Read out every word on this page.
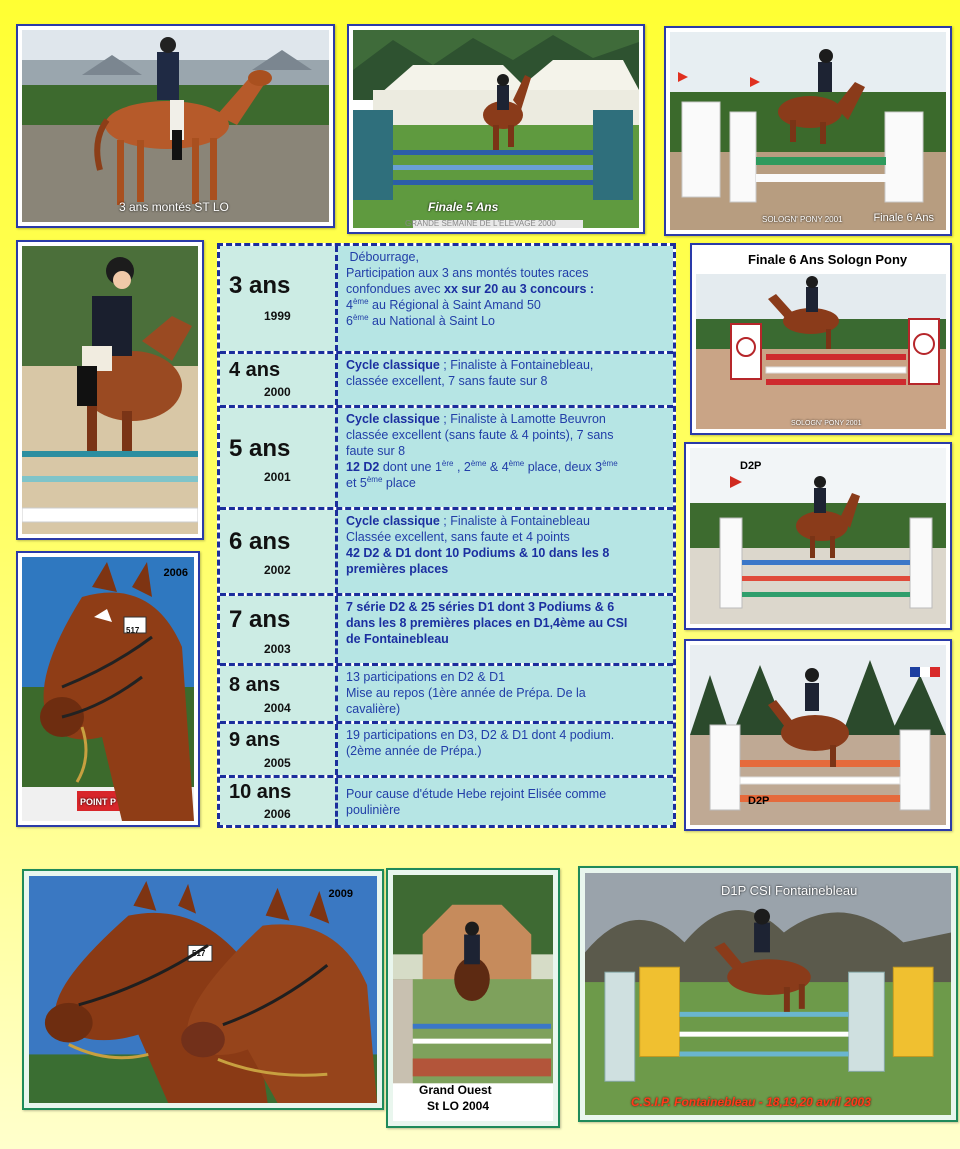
3 ans montés ST LO	Finale 5 Ans
GRANDE SEMAINE DE L'ELEVAGE 2000	SOLOGN' PONY 2001	Finale 6 Ans
Finale 6 Ans Sologn Pony
SOLOGN' PONY 2001
D2P
2006
517
POINT P	D2P
2009
517
Grand Ouest
St LO 2004
D1P CSI Fontainebleau
C.S.I.P. Fontainebleau - 18,19,20 avril 2003
3 ans
1999
Débourrage,
Participation aux 3 ans montés toutes races
confondues avec xx sur 20 au 3 concours :
4ème au Régional à Saint Amand 50
6ème au National à Saint Lo
4 ans
2000
Cycle classique ; Finaliste à Fontainebleau,
classée excellent, 7 sans faute sur 8
5 ans
2001
Cycle classique ; Finaliste à Lamotte Beuvron
classée excellent (sans faute & 4 points), 7 sans
faute sur 8
12 D2 dont une 1ère , 2ème & 4ème place, deux 3ème
et 5ème place
6 ans
2002
Cycle classique ; Finaliste à Fontainebleau
Classée excellent, sans faute et 4 points
42 D2 & D1 dont 10 Podiums & 10 dans les 8
premières places
7 ans
2003
7 série D2 & 25 séries D1 dont 3 Podiums & 6
dans les 8 premières places en D1,4ème au CSI
de Fontainebleau
8 ans
2004
13 participations en D2 & D1
Mise au repos (1ère année de Prépa. De la
cavalière)
9 ans
2005
19 participations en D3, D2 & D1 dont 4 podium.
(2ème année de Prépa.)
10 ans
2006
Pour cause d'étude Hebe rejoint Elisée comme
poulinière
